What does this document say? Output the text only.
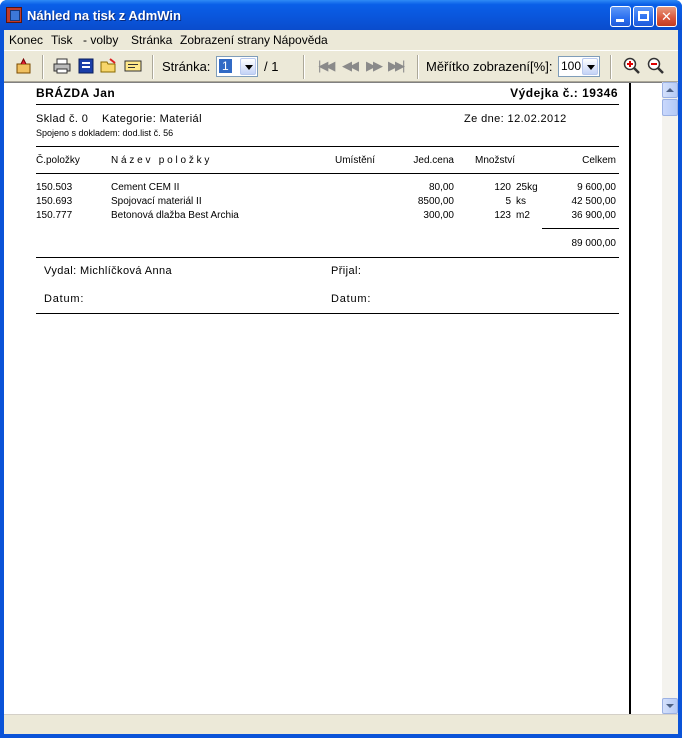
Náhled na tisk z AdmWin	✕
Konec Tisk - volby Stránka Zobrazení strany Nápověda
Stránka: 1	/ 1	|◀◀ ◀◀ ▶▶ ▶▶| Měřítko zobrazení[%]: 100
BRÁZDA Jan	Výdejka č.: 19346
Sklad č. 0 Kategorie: Materiál	Ze dne: 12.02.2012
Spojeno s dokladem: dod.list č. 56
Č.položky	N á z e v   p o l o ž k y	Umístění	Jed.cena Množství	Celkem
150.503	Cement CEM II	80,00	120 25kg	9 600,00
150.693	Spojovací materiál II	8500,00	5 ks	42 500,00
150.777	Betonová dlažba Best Archia	300,00	123 m2	36 900,00
89 000,00
Vydal: Michlíčková Anna	Přijal:
Datum:	Datum:
